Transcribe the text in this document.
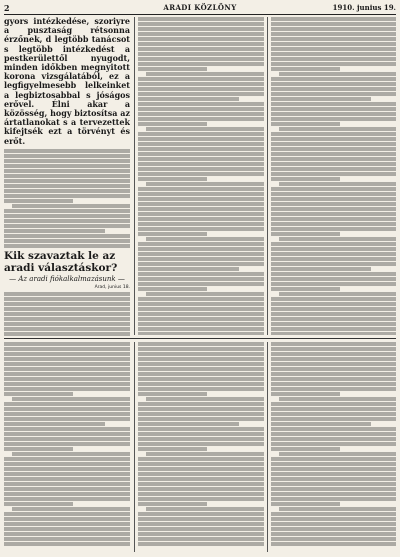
2	ARADI KÖZLÖNY	1910. junius 19.

gyors intézkedése, szoriyre a pusztaság rétsonna érzőnek, d legtöbb tanácsot s legtöbb intézkedést a pestkerülettől nyugodt, minden időkben megnyitott korona vizsgálatából, ez a legfigyelmesebb lelkeinket a legbiztosabbal s jóságos erővel. Élni akar a közösség, hogy biztosítsa az ártatlanokat s a tervezettek kifejtsék ezt a törvényt és erőt.

Kik szavaztak le az aradi választáskor?
— Az aradi fiókalkalmazásunk —
Arad, junius 18.
